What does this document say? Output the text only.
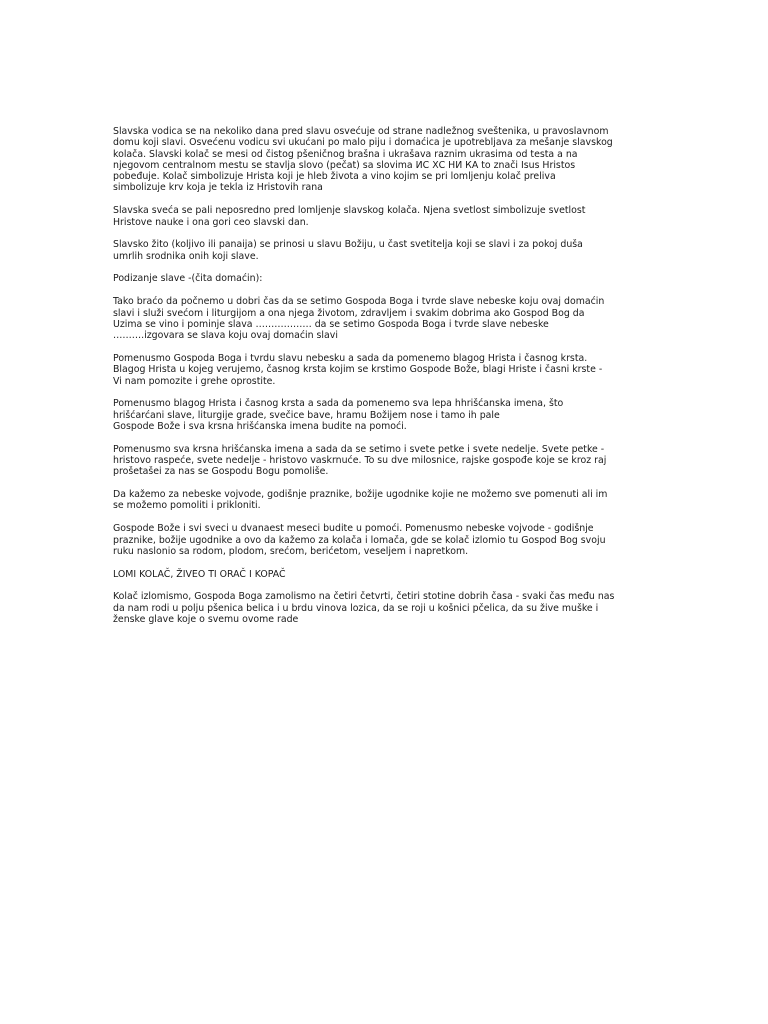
Slavska vodica se na nekoliko dana pred slavu osvećuje od strane nadležnog sveštenika, u pravoslavnom
domu koji slavi. Osvećenu vodicu svi ukućani po malo piju i domaćica je upotrebljava za mešanje slavskog
kolača. Slavski kolač se mesi od čistog pšeničnog brašna i ukrašava raznim ukrasima od testa a na
njegovom centralnom mestu se stavlja slovo (pečat) sa slovima ИС ХС НИ КА to znači Isus Hristos
pobeđuje. Kolač simbolizuje Hrista koji je hleb života a vino kojim se pri lomljenju kolač preliva
simbolizuje krv koja je tekla iz Hristovih rana

Slavska sveća se pali neposredno pred lomljenje slavskog kolača. Njena svetlost simbolizuje svetlost
Hristove nauke i ona gori ceo slavski dan.

Slavsko žito (koljivo ili panaija) se prinosi u slavu Božiju, u čast svetitelja koji se slavi i za pokoj duša
umrlih srodnika onih koji slave.

Podizanje slave -(čita domaćin):

Tako braćo da počnemo u dobri čas da se setimo Gospoda Boga i tvrde slave nebeske koju ovaj domaćin
slavi i služi svećom i liturgijom a ona njega životom, zdravljem i svakim dobrima ako Gospod Bog da
Uzima se vino i pominje slava ……………… da se setimo Gospoda Boga i tvrde slave nebeske
……….izgovara se slava koju ovaj domaćin slavi

Pomenusmo Gospoda Boga i tvrdu slavu nebesku a sada da pomenemo blagog Hrista i časnog krsta.
Blagog Hrista u kojeg verujemo, časnog krsta kojim se krstimo Gospode Bože, blagi Hriste i časni krste -
Vi nam pomozite i grehe oprostite.

Pomenusmo blagog Hrista i časnog krsta a sada da pomenemo sva lepa hhrišćanska imena, što
hrišćarćani slave, liturgije grade, svečice bave, hramu Božijem nose i tamo ih pale
Gospode Bože i sva krsna hrišćanska imena budite na pomoći.

Pomenusmo sva krsna hrišćanska imena a sada da se setimo i svete petke i svete nedelje. Svete petke -
hristovo raspeće, svete nedelje - hristovo vaskrnuće. To su dve milosnice, rajske gospođe koje se kroz raj
prošetašei za nas se Gospodu Bogu pomoliše.

Da kažemo za nebeske vojvode, godišnje praznike, božije ugodnike kojie ne možemo sve pomenuti ali im
se možemo pomoliti i prikloniti.

Gospode Bože i svi sveci u dvanaest meseci budite u pomoći. Pomenusmo nebeske vojvode - godišnje
praznike, božije ugodnike a ovo da kažemo za kolača i lomača, gde se kolač izlomio tu Gospod Bog svoju
ruku naslonio sa rodom, plodom, srećom, berićetom, veseljem i napretkom.

LOMI KOLAČ, ŽIVEO TI ORAČ I KOPAČ

Kolač izlomismo, Gospoda Boga zamolismo na četiri četvrti, četiri stotine dobrih časa - svaki čas među nas
da nam rodi u polju pšenica belica i u brdu vinova lozica, da se roji u košnici pčelica, da su žive muške i
ženske glave koje o svemu ovome rade
